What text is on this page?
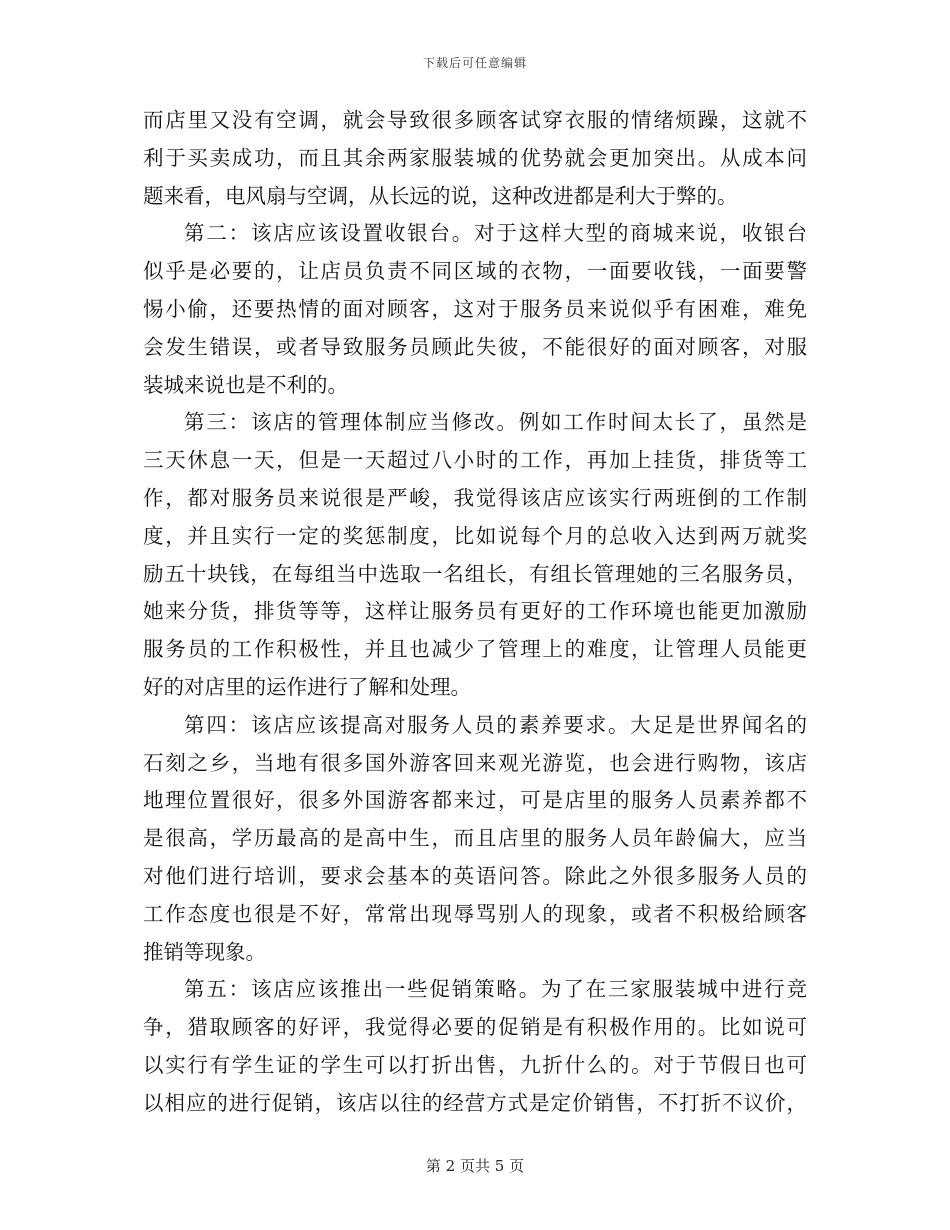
下载后可任意编辑
而店里又没有空调，就会导致很多顾客试穿衣服的情绪烦躁，这就不
利于买卖成功，而且其余两家服装城的优势就会更加突出。从成本问
题来看，电风扇与空调，从长远的说，这种改进都是利大于弊的。
第二：该店应该设置收银台。对于这样大型的商城来说，收银台
似乎是必要的，让店员负责不同区域的衣物，一面要收钱，一面要警
惕小偷，还要热情的面对顾客，这对于服务员来说似乎有困难，难免
会发生错误，或者导致服务员顾此失彼，不能很好的面对顾客，对服
装城来说也是不利的。
第三：该店的管理体制应当修改。例如工作时间太长了，虽然是
三天休息一天，但是一天超过八小时的工作，再加上挂货，排货等工
作，都对服务员来说很是严峻，我觉得该店应该实行两班倒的工作制
度，并且实行一定的奖惩制度，比如说每个月的总收入达到两万就奖
励五十块钱，在每组当中选取一名组长，有组长管理她的三名服务员，
她来分货，排货等等，这样让服务员有更好的工作环境也能更加激励
服务员的工作积极性，并且也减少了管理上的难度，让管理人员能更
好的对店里的运作进行了解和处理。
第四：该店应该提高对服务人员的素养要求。大足是世界闻名的
石刻之乡，当地有很多国外游客回来观光游览，也会进行购物，该店
地理位置很好，很多外国游客都来过，可是店里的服务人员素养都不
是很高，学历最高的是高中生，而且店里的服务人员年龄偏大，应当
对他们进行培训，要求会基本的英语问答。除此之外很多服务人员的
工作态度也很是不好，常常出现辱骂别人的现象，或者不积极给顾客
推销等现象。
第五：该店应该推出一些促销策略。为了在三家服装城中进行竞
争，猎取顾客的好评，我觉得必要的促销是有积极作用的。比如说可
以实行有学生证的学生可以打折出售，九折什么的。对于节假日也可
以相应的进行促销，该店以往的经营方式是定价销售，不打折不议价，
第 2 页共 5 页
